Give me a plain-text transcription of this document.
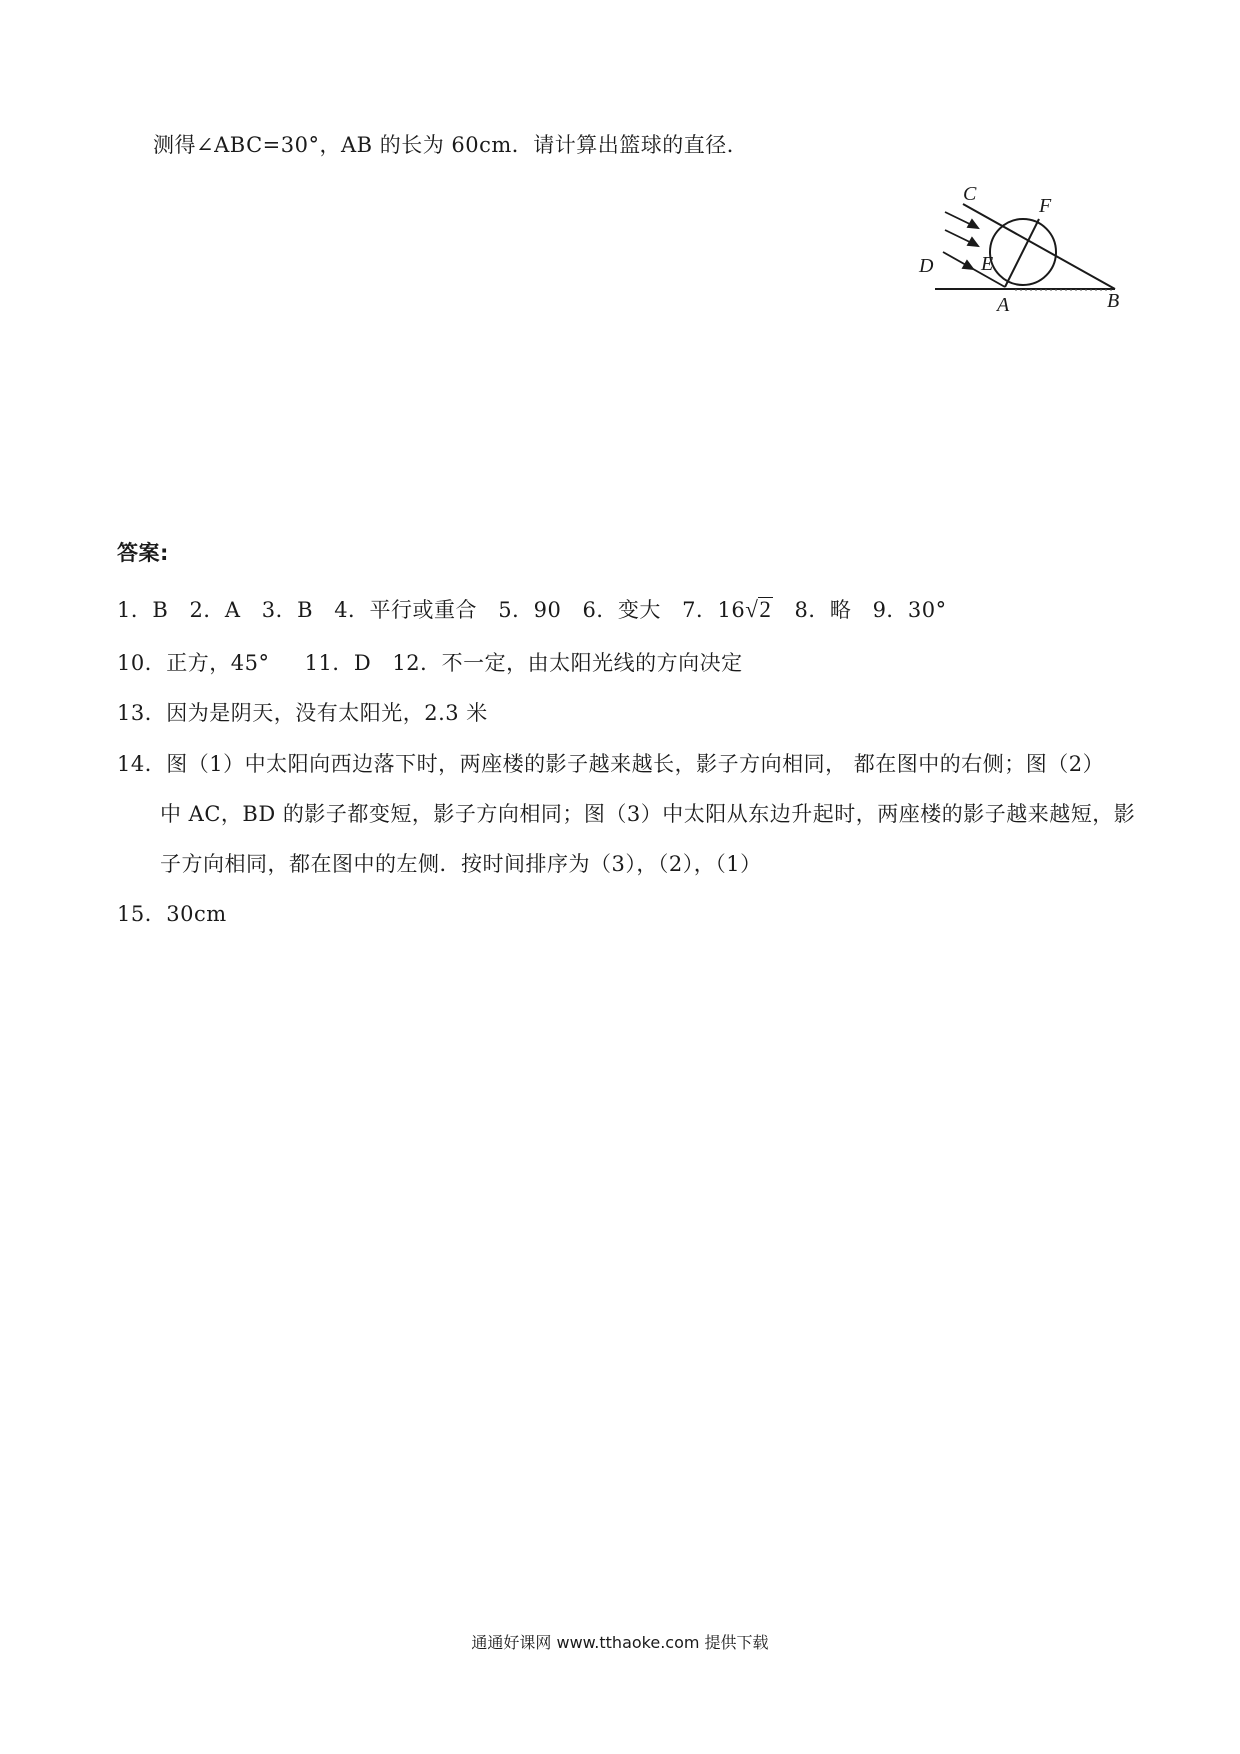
测得∠ABC=30°，AB 的长为 60cm．请计算出篮球的直径．
C
F
D E
A	B
答案:
1．B 2．A 3．B 4．平行或重合 5．90 6．变大 7．16√2 8．略 9．30°
10．正方，45° 11．D 12．不一定，由太阳光线的方向决定
13．因为是阴天，没有太阳光，2.3 米
14．图（1）中太阳向西边落下时，两座楼的影子越来越长，影子方向相同， 都在图中的右侧；图（2）
中 AC，BD 的影子都变短，影子方向相同；图（3）中太阳从东边升起时，两座楼的影子越来越短，影
子方向相同，都在图中的左侧．按时间排序为（3），（2），（1）
15．30cm
通通好课网 www.tthaoke.com 提供下载
